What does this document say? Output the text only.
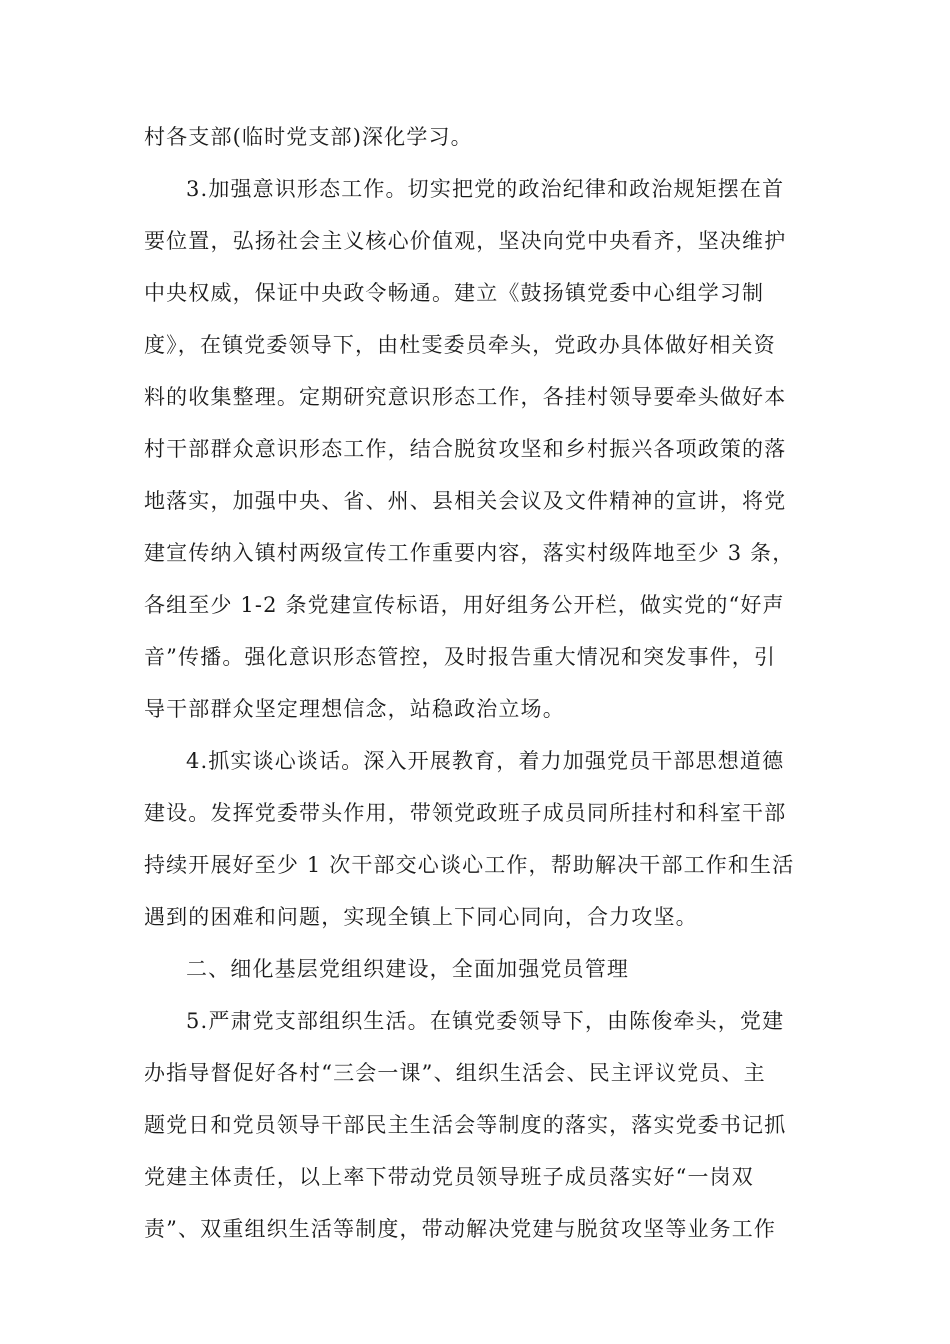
村各支部(临时党支部)深化学习。
3.加强意识形态工作。切实把党的政治纪律和政治规矩摆在首
要位置，弘扬社会主义核心价值观，坚决向党中央看齐，坚决维护
中央权威，保证中央政令畅通。建立《鼓扬镇党委中心组学习制
度》，在镇党委领导下，由杜雯委员牵头，党政办具体做好相关资
料的收集整理。定期研究意识形态工作，各挂村领导要牵头做好本
村干部群众意识形态工作，结合脱贫攻坚和乡村振兴各项政策的落
地落实，加强中央、省、州、县相关会议及文件精神的宣讲，将党
建宣传纳入镇村两级宣传工作重要内容，落实村级阵地至少 3 条，
各组至少 1-2 条党建宣传标语，用好组务公开栏，做实党的“好声
音”传播。强化意识形态管控，及时报告重大情况和突发事件，引
导干部群众坚定理想信念，站稳政治立场。
4.抓实谈心谈话。深入开展教育，着力加强党员干部思想道德
建设。发挥党委带头作用，带领党政班子成员同所挂村和科室干部
持续开展好至少 1 次干部交心谈心工作，帮助解决干部工作和生活
遇到的困难和问题，实现全镇上下同心同向，合力攻坚。
二、细化基层党组织建设，全面加强党员管理
5.严肃党支部组织生活。在镇党委领导下，由陈俊牵头，党建
办指导督促好各村“三会一课”、组织生活会、民主评议党员、主
题党日和党员领导干部民主生活会等制度的落实，落实党委书记抓
党建主体责任，以上率下带动党员领导班子成员落实好“一岗双
责”、双重组织生活等制度，带动解决党建与脱贫攻坚等业务工作
